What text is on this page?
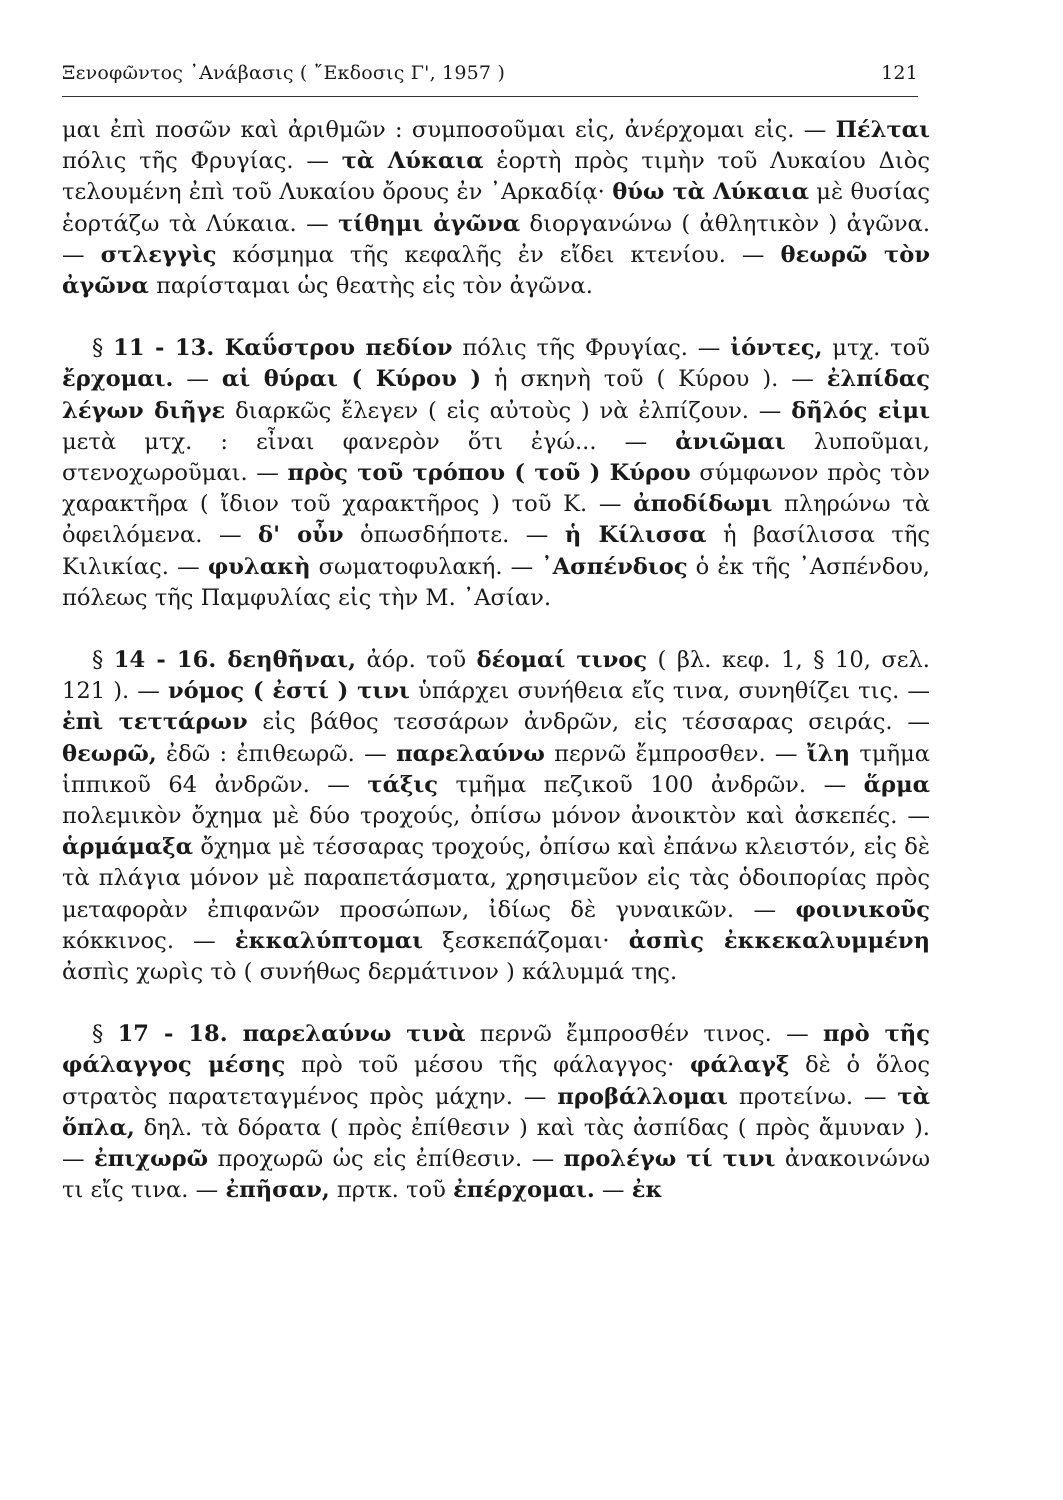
Ξενοφῶντος ᾿Ανάβασις ( ῎Εκδοσις Γ', 1957 )	121

μαι ἐπὶ ποσῶν καὶ ἀριθμῶν : συμποσοῦμαι εἰς, ἀνέρχομαι εἰς. — Πέλται πόλις τῆς Φρυγίας. — τὰ Λύκαια ἑορτὴ πρὸς τιμὴν τοῦ Λυκαίου Διὸς τελουμένη ἐπὶ τοῦ Λυκαίου ὄρους ἐν ᾿Αρκαδίᾳ· θύω τὰ Λύκαια μὲ θυσίας ἑορτάζω τὰ Λύκαια. — τίθημι ἀγῶνα διοργανώνω ( ἀθλητικὸν ) ἀγῶνα. — στλεγγὶς κόσμημα τῆς κεφαλῆς ἐν εἴδει κτενίου. — θεωρῶ τὸν ἀγῶνα παρίσταμαι ὡς θεατὴς εἰς τὸν ἀγῶνα.

§ 11 - 13. Καΰστρου πεδίον πόλις τῆς Φρυγίας. — ἰόντες, μτχ. τοῦ ἔρχομαι. — αἱ θύραι ( Κύρου ) ἡ σκηνὴ τοῦ ( Κύρου ). — ἐλπίδας λέγων διῆγε διαρκῶς ἔλεγεν ( εἰς αὐτοὺς ) νὰ ἐλπίζουν. — δῆλός εἰμι μετὰ μτχ. : εἶναι φανερὸν ὅτι ἐγώ... — ἀνιῶμαι λυποῦμαι, στενοχωροῦμαι. — πρὸς τοῦ τρόπου ( τοῦ ) Κύρου σύμφωνον πρὸς τὸν χαρακτῆρα ( ἴδιον τοῦ χαρακτῆρος ) τοῦ Κ. — ἀποδίδωμι πληρώνω τὰ ὀφειλόμενα. — δ' οὖν ὁπωσδήποτε. — ἡ Κίλισσα ἡ βασίλισσα τῆς Κιλικίας. — φυλακὴ σωματοφυλακή. — ᾿Ασπένδιος ὁ ἐκ τῆς ᾿Ασπένδου, πόλεως τῆς Παμφυλίας εἰς τὴν Μ. ᾿Ασίαν.

§ 14 - 16. δεηθῆναι, ἀόρ. τοῦ δέομαί τινος ( βλ. κεφ. 1, § 10, σελ. 121 ). — νόμος ( ἐστί ) τινι ὑπάρχει συνήθεια εἴς τινα, συνηθίζει τις. — ἐπὶ τεττάρων εἰς βάθος τεσσάρων ἀνδρῶν, εἰς τέσσαρας σειράς. — θεωρῶ, ἐδῶ : ἐπιθεωρῶ. — παρελαύνω περνῶ ἔμπροσθεν. — ἴλη τμῆμα ἱππικοῦ 64 ἀνδρῶν. — τάξις τμῆμα πεζικοῦ 100 ἀνδρῶν. — ἅρμα πολεμικὸν ὄχημα μὲ δύο τροχούς, ὀπίσω μόνον ἀνοικτὸν καὶ ἀσκεπές. — ἁρμάμαξα ὄχημα μὲ τέσσαρας τροχούς, ὀπίσω καὶ ἐπάνω κλειστόν, εἰς δὲ τὰ πλάγια μόνον μὲ παραπετάσματα, χρησιμεῦον εἰς τὰς ὁδοιπορίας πρὸς μεταφορὰν ἐπιφανῶν προσώπων, ἰδίως δὲ γυναικῶν. — φοινικοῦς κόκκινος. — ἐκκαλύπτομαι ξεσκεπάζομαι· ἀσπὶς ἐκκεκαλυμμένη ἀσπὶς χωρὶς τὸ ( συνήθως δερμάτινον ) κάλυμμά της.

§ 17 - 18. παρελαύνω τινὰ περνῶ ἔμπροσθέν τινος. — πρὸ τῆς φάλαγγος μέσης πρὸ τοῦ μέσου τῆς φάλαγγος· φάλαγξ δὲ ὁ ὅλος στρατὸς παρατεταγμένος πρὸς μάχην. — προβάλλομαι προτείνω. — τὰ ὅπλα, δηλ. τὰ δόρατα ( πρὸς ἐπίθεσιν ) καὶ τὰς ἀσπίδας ( πρὸς ἄμυναν ). — ἐπιχωρῶ προχωρῶ ὡς εἰς ἐπίθεσιν. — προλέγω τί τινι ἀνακοινώνω τι εἴς τινα. — ἐπῆσαν, πρτκ. τοῦ ἐπέρχομαι. — ἐκ
